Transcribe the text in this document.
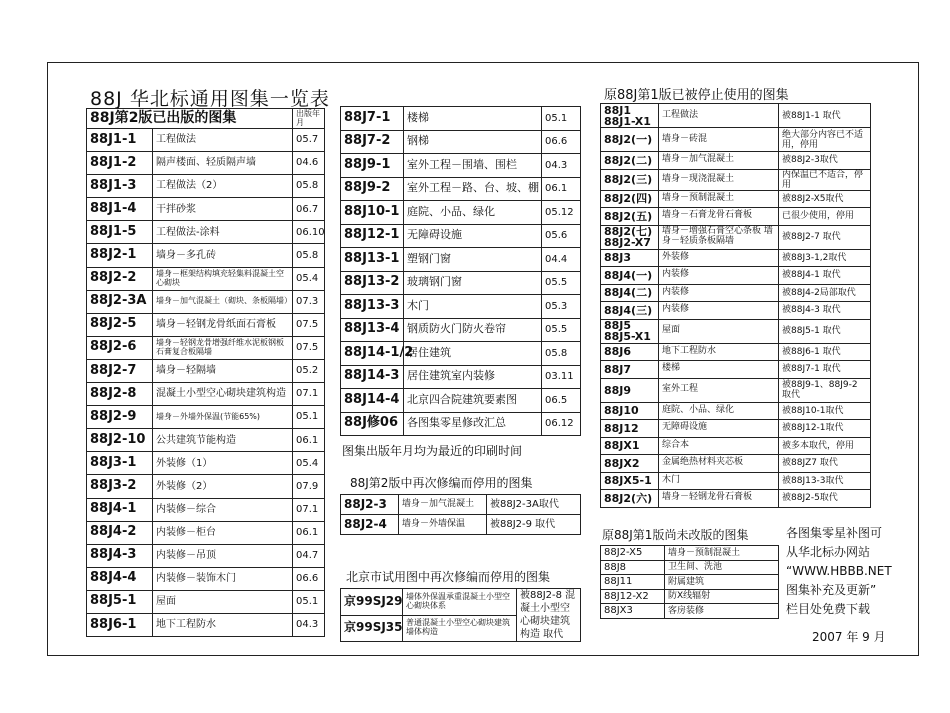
88J 华北标通用图集一览表
88J第2版已出版的图集		出版年月
88J1-1	工程做法	05.7
88J1-2	隔声楼面、轻质隔声墙	04.6
88J1-3	工程做法（2）	05.8
88J1-4	干拌砂浆	06.7
88J1-5	工程做法-涂料	06.10
88J2-1	墙身－多孔砖	05.8
88J2-2	墙身－框架结构填充轻集料混凝土空心砌块	05.4
88J2-3A	墙身－加气混凝土（砌块、条板隔墙）	07.3
88J2-5	墙身－轻钢龙骨纸面石膏板	07.5
88J2-6	墙身－轻钢龙骨增强纤维水泥板钢板石膏复合板隔墙	07.5
88J2-7	墙身－轻隔墙	05.2
88J2-8	混凝土小型空心砌块建筑构造	07.1
88J2-9	墙身－外墙外保温(节能65%)	05.1
88J2-10	公共建筑节能构造	06.1
88J3-1	外装修（1）	05.4
88J3-2	外装修（2）	07.9
88J4-1	内装修－综合	07.1
88J4-2	内装修－柜台	06.1
88J4-3	内装修－吊顶	04.7
88J4-4	内装修－装饰木门	06.6
88J5-1	屋面	05.1
88J6-1	地下工程防水	04.3
88J7-1	楼梯	05.1
88J7-2	钢梯	06.6
88J9-1	室外工程－围墙、围栏	04.3
88J9-2	室外工程－路、台、坡、棚	06.1
88J10-1	庭院、小品、绿化	05.12
88J12-1	无障碍设施	05.6
88J13-1	塑钢门窗	04.4
88J13-2	玻璃钢门窗	05.5
88J13-3	木门	05.3
88J13-4	钢质防火门防火卷帘	05.5
88J14-1/2	居住建筑	05.8
88J14-3	居住建筑室内装修	03.11
88J14-4	北京四合院建筑要素图	06.5
88J修06	各图集零星修改汇总	06.12
图集出版年月均为最近的印刷时间
88J第2版中再次修编而停用的图集
88J2-3	墙身－加气混凝土	被88J2-3A取代
88J2-4	墙身－外墙保温	被88J2-9 取代
北京市试用图中再次修编而停用的图集
京99SJ29	墙体外保温承重混凝土小型空心砌块体系	被88J2-8 混凝土小型空心砌块建筑构造 取代
京99SJ35	普通混凝土小型空心砌块建筑墙体构造	
原88J第1版已被停止使用的图集
88J1 88J1-X1	工程做法	被88J1-1 取代
88J2(一)	墙身－砖混	绝大部分内容已不适用，停用
88J2(二)	墙身－加气混凝土	被88J2-3取代
88J2(三)	墙身－现浇混凝土	内保温已不适合，停用
88J2(四)	墙身－预制混凝土	被88J2-X5取代
88J2(五)	墙身－石膏龙骨石膏板	已很少使用，停用
88J2(七) 88J2-X7	墙身－增强石膏空心条板 墙身－轻质条板隔墙	被88J2-7 取代
88J3	外装修	被88J3-1,2取代
88J4(一)	内装修	被88J4-1 取代
88J4(二)	内装修	被88J4-2局部取代
88J4(三)	内装修	被88J4-3 取代
88J5 88J5-X1	屋面	被88J5-1 取代
88J6	地下工程防水	被88J6-1 取代
88J7	楼梯	被88J7-1 取代
88J9	室外工程	被88J9-1、88J9-2 取代
88J10	庭院、小品、绿化	被88J10-1取代
88J12	无障碍设施	被88J12-1取代
88JX1	综合本	被多本取代，停用
88JX2	金属绝热材料夹芯板	被88JZ7 取代
88JX5-1	木门	被88J13-3取代
88J2(六)	墙身－轻钢龙骨石膏板	被88J2-5取代
原88J第1版尚未改版的图集
88J2-X5	墙身－预制混凝土
88J8	卫生间、洗池
88J11	附属建筑
88J12-X2	防X线辐射
88JX3	客房装修
各图集零星补图可
从华北标办网站
“WWW.HBBB.NET
图集补充及更新”
栏目处免费下载
2007 年 9 月
